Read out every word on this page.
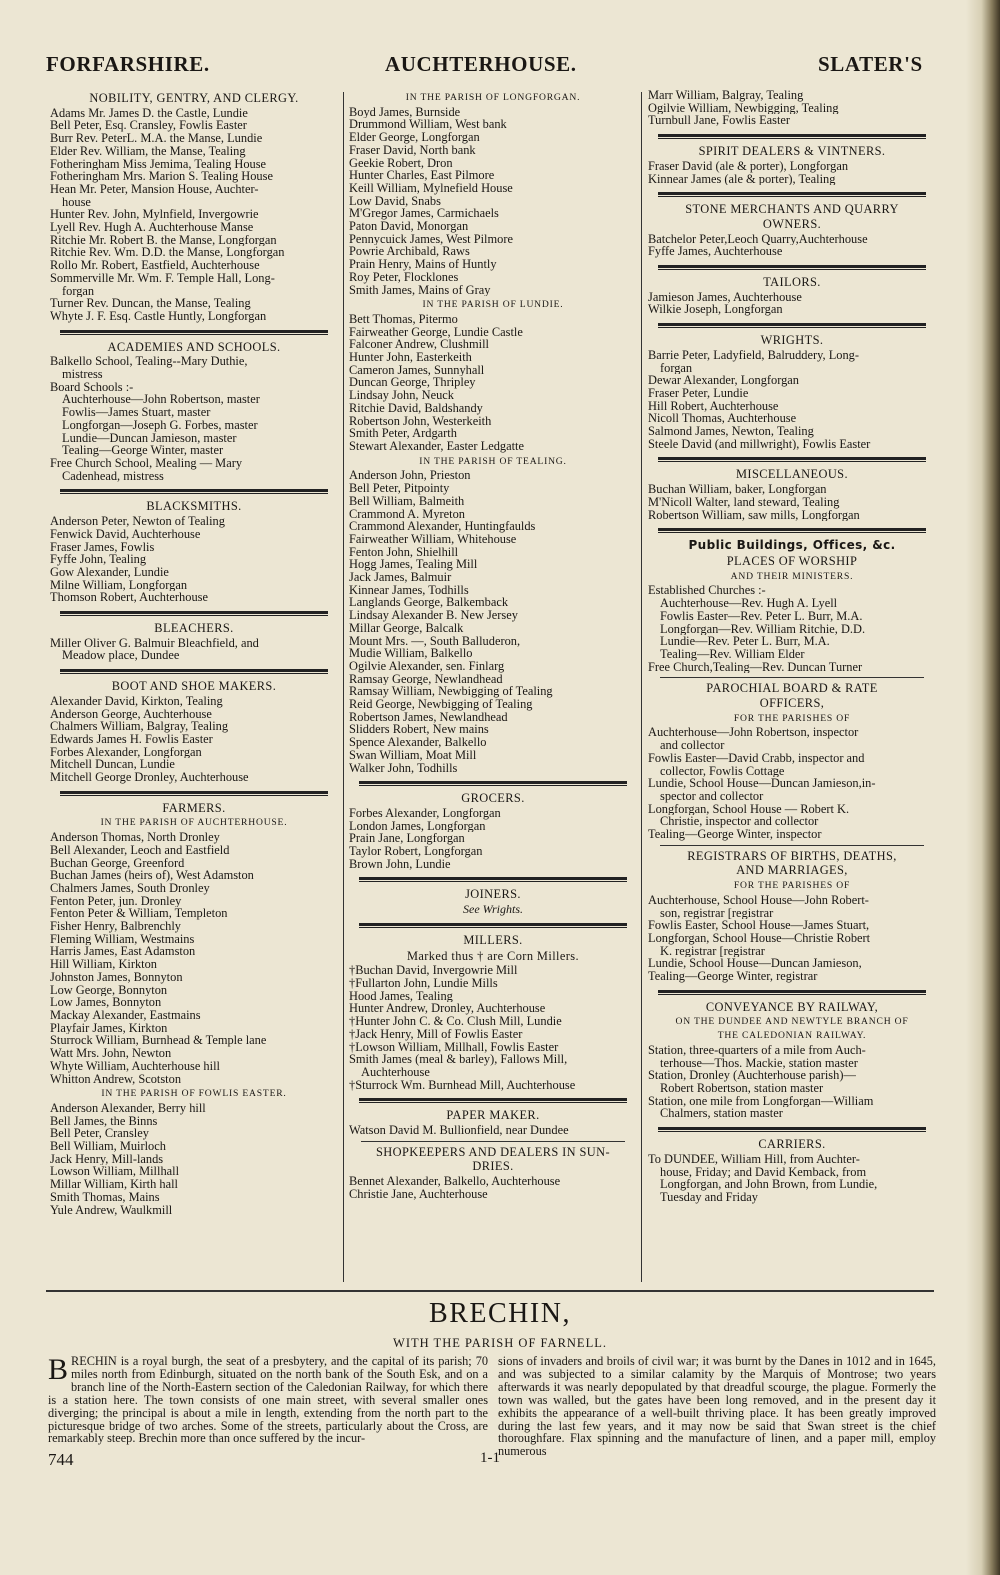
FORFARSHIRE.	AUCHTERHOUSE.	SLATER'S
NOBILITY, GENTRY, AND CLERGY.
Adams Mr. James D. the Castle, Lundie
Bell Peter, Esq. Cransley, Fowlis Easter
Burr Rev. PeterL. M.A. the Manse, Lundie
Elder Rev. William, the Manse, Tealing
Fotheringham Miss Jemima, Tealing House
Fotheringham Mrs. Marion S. Tealing House
Hean Mr. Peter, Mansion House, Auchter-
house
Hunter Rev. John, Mylnfield, Invergowrie
Lyell Rev. Hugh A. Auchterhouse Manse
Ritchie Mr. Robert B. the Manse, Longforgan
Ritchie Rev. Wm. D.D. the Manse, Longforgan
Rollo Mr. Robert, Eastfield, Auchterhouse
Sommerville Mr. Wm. F. Temple Hall, Long-
forgan
Turner Rev. Duncan, the Manse, Tealing
Whyte J. F. Esq. Castle Huntly, Longforgan
ACADEMIES AND SCHOOLS.
Balkello School, Tealing--Mary Duthie,
mistress
Board Schools :-
Auchterhouse—John Robertson, master
Fowlis—James Stuart, master
Longforgan—Joseph G. Forbes, master
Lundie—Duncan Jamieson, master
Tealing—George Winter, master
Free Church School, Mealing — Mary
Cadenhead, mistress
BLACKSMITHS.
Anderson Peter, Newton of Tealing
Fenwick David, Auchterhouse
Fraser James, Fowlis
Fyffe John, Tealing
Gow Alexander, Lundie
Milne William, Longforgan
Thomson Robert, Auchterhouse
BLEACHERS.
Miller Oliver G. Balmuir Bleachfield, and
Meadow place, Dundee
BOOT AND SHOE MAKERS.
Alexander David, Kirkton, Tealing
Anderson George, Auchterhouse
Chalmers William, Balgray, Tealing
Edwards James H. Fowlis Easter
Forbes Alexander, Longforgan
Mitchell Duncan, Lundie
Mitchell George Dronley, Auchterhouse
FARMERS.
IN THE PARISH OF AUCHTERHOUSE.
Anderson Thomas, North Dronley
Bell Alexander, Leoch and Eastfield
Buchan George, Greenford
Buchan James (heirs of), West Adamston
Chalmers James, South Dronley
Fenton Peter, jun. Dronley
Fenton Peter & William, Templeton
Fisher Henry, Balbrenchly
Fleming William, Westmains
Harris James, East Adamston
Hill William, Kirkton
Johnston James, Bonnyton
Low George, Bonnyton
Low James, Bonnyton
Mackay Alexander, Eastmains
Playfair James, Kirkton
Sturrock William, Burnhead & Temple lane
Watt Mrs. John, Newton
Whyte William, Auchterhouse hill
Whitton Andrew, Scotston
IN THE PARISH OF FOWLIS EASTER.
Anderson Alexander, Berry hill
Bell James, the Binns
Bell Peter, Cransley
Bell William, Muirloch
Jack Henry, Mill-lands
Lowson William, Millhall
Millar William, Kirth hall
Smith Thomas, Mains
Yule Andrew, Waulkmill
IN THE PARISH OF LONGFORGAN.
Boyd James, Burnside
Drummond William, West bank
Elder George, Longforgan
Fraser David, North bank
Geekie Robert, Dron
Hunter Charles, East Pilmore
Keill William, Mylnefield House
Low David, Snabs
M'Gregor James, Carmichaels
Paton David, Monorgan
Pennycuick James, West Pilmore
Powrie Archibald, Raws
Prain Henry, Mains of Huntly
Roy Peter, Flocklones
Smith James, Mains of Gray
IN THE PARISH OF LUNDIE.
Bett Thomas, Pitermo
Fairweather George, Lundie Castle
Falconer Andrew, Clushmill
Hunter John, Easterkeith
Cameron James, Sunnyhall
Duncan George, Thripley
Lindsay John, Neuck
Ritchie David, Baldshandy
Robertson John, Westerkeith
Smith Peter, Ardgarth
Stewart Alexander, Easter Ledgatte
IN THE PARISH OF TEALING.
Anderson John, Prieston
Bell Peter, Pitpointy
Bell William, Balmeith
Crammond A. Myreton
Crammond Alexander, Huntingfaulds
Fairweather William, Whitehouse
Fenton John, Shielhill
Hogg James, Tealing Mill
Jack James, Balmuir
Kinnear James, Todhills
Langlands George, Balkemback
Lindsay Alexander B. New Jersey
Millar George, Balcalk
Mount Mrs. —, South Balluderon,
Mudie William, Balkello
Ogilvie Alexander, sen. Finlarg
Ramsay George, Newlandhead
Ramsay William, Newbigging of Tealing
Reid George, Newbigging of Tealing
Robertson James, Newlandhead
Slidders Robert, New mains
Spence Alexander, Balkello
Swan William, Moat Mill
Walker John, Todhills
GROCERS.
Forbes Alexander, Longforgan
London James, Longforgan
Prain Jane, Longforgan
Taylor Robert, Longforgan
Brown John, Lundie
JOINERS.
See Wrights.
MILLERS.
Marked thus † are Corn Millers.
†Buchan David, Invergowrie Mill
†Fullarton John, Lundie Mills
Hood James, Tealing
Hunter Andrew, Dronley, Auchterhouse
†Hunter John C. & Co. Clush Mill, Lundie
†Jack Henry, Mill of Fowlis Easter
†Lowson William, Millhall, Fowlis Easter
Smith James (meal & barley), Fallows Mill,
Auchterhouse
†Sturrock Wm. Burnhead Mill, Auchterhouse
PAPER MAKER.
Watson David M. Bullionfield, near Dundee
SHOPKEEPERS AND DEALERS IN SUN-
DRIES.
Bennet Alexander, Balkello, Auchterhouse
Christie Jane, Auchterhouse
Marr William, Balgray, Tealing
Ogilvie William, Newbigging, Tealing
Turnbull Jane, Fowlis Easter
SPIRIT DEALERS & VINTNERS.
Fraser David (ale & porter), Longforgan
Kinnear James (ale & porter), Tealing
STONE MERCHANTS AND QUARRY
OWNERS.
Batchelor Peter,Leoch Quarry,Auchterhouse
Fyffe James, Auchterhouse
TAILORS.
Jamieson James, Auchterhouse
Wilkie Joseph, Longforgan
WRIGHTS.
Barrie Peter, Ladyfield, Balruddery, Long-
forgan
Dewar Alexander, Longforgan
Fraser Peter, Lundie
Hill Robert, Auchterhouse
Nicoll Thomas, Auchterhouse
Salmond James, Newton, Tealing
Steele David (and millwright), Fowlis Easter
MISCELLANEOUS.
Buchan William, baker, Longforgan
M'Nicoll Walter, land steward, Tealing
Robertson William, saw mills, Longforgan
Public Buildings, Offices, &c.
PLACES OF WORSHIP
AND THEIR MINISTERS.
Established Churches :-
Auchterhouse—Rev. Hugh A. Lyell
Fowlis Easter—Rev. Peter L. Burr, M.A.
Longforgan—Rev. William Ritchie, D.D.
Lundie—Rev. Peter L. Burr, M.A.
Tealing—Rev. William Elder
Free Church,Tealing—Rev. Duncan Turner
PAROCHIAL BOARD & RATE
OFFICERS,
FOR THE PARISHES OF
Auchterhouse—John Robertson, inspector
and collector
Fowlis Easter—David Crabb, inspector and
collector, Fowlis Cottage
Lundie, School House—Duncan Jamieson,in-
spector and collector
Longforgan, School House — Robert K.
Christie, inspector and collector
Tealing—George Winter, inspector
REGISTRARS OF BIRTHS, DEATHS,
AND MARRIAGES,
FOR THE PARISHES OF
Auchterhouse, School House—John Robert-
son, registrar [registrar
Fowlis Easter, School House—James Stuart,
Longforgan, School House—Christie Robert
K. registrar [registrar
Lundie, School House—Duncan Jamieson,
Tealing—George Winter, registrar
CONVEYANCE BY RAILWAY,
ON THE DUNDEE AND NEWTYLE BRANCH OF
THE CALEDONIAN RAILWAY.
Station, three-quarters of a mile from Auch-
terhouse—Thos. Mackie, station master
Station, Dronley (Auchterhouse parish)—
Robert Robertson, station master
Station, one mile from Longforgan—William
Chalmers, station master
CARRIERS.
To DUNDEE, William Hill, from Auchter-
house, Friday; and David Kemback, from
Longforgan, and John Brown, from Lundie,
Tuesday and Friday
BRECHIN,
WITH THE PARISH OF FARNELL.
BRECHIN is a royal burgh, the seat of a presbytery, and the capital of its parish; 70 miles north from Edinburgh, situated on the north bank of the South Esk, and on a branch line of the North-Eastern section of the Caledonian Railway, for which there is a station here. The town consists of one main street, with several smaller ones diverging; the principal is about a mile in length, extending from the north part to the picturesque bridge of two arches. Some of the streets, particularly about the Cross, are remarkably steep. Brechin more than once suffered by the incur-
sions of invaders and broils of civil war; it was burnt by the Danes in 1012 and in 1645, and was subjected to a similar calamity by the Marquis of Montrose; two years afterwards it was nearly depopulated by that dreadful scourge, the plague. Formerly the town was walled, but the gates have been long removed, and in the present day it exhibits the appearance of a well-built thriving place. It has been greatly improved during the last few years, and it may now be said that Swan street is the chief thoroughfare. Flax spinning and the manufacture of linen, and a paper mill, employ numerous
744	1-1
